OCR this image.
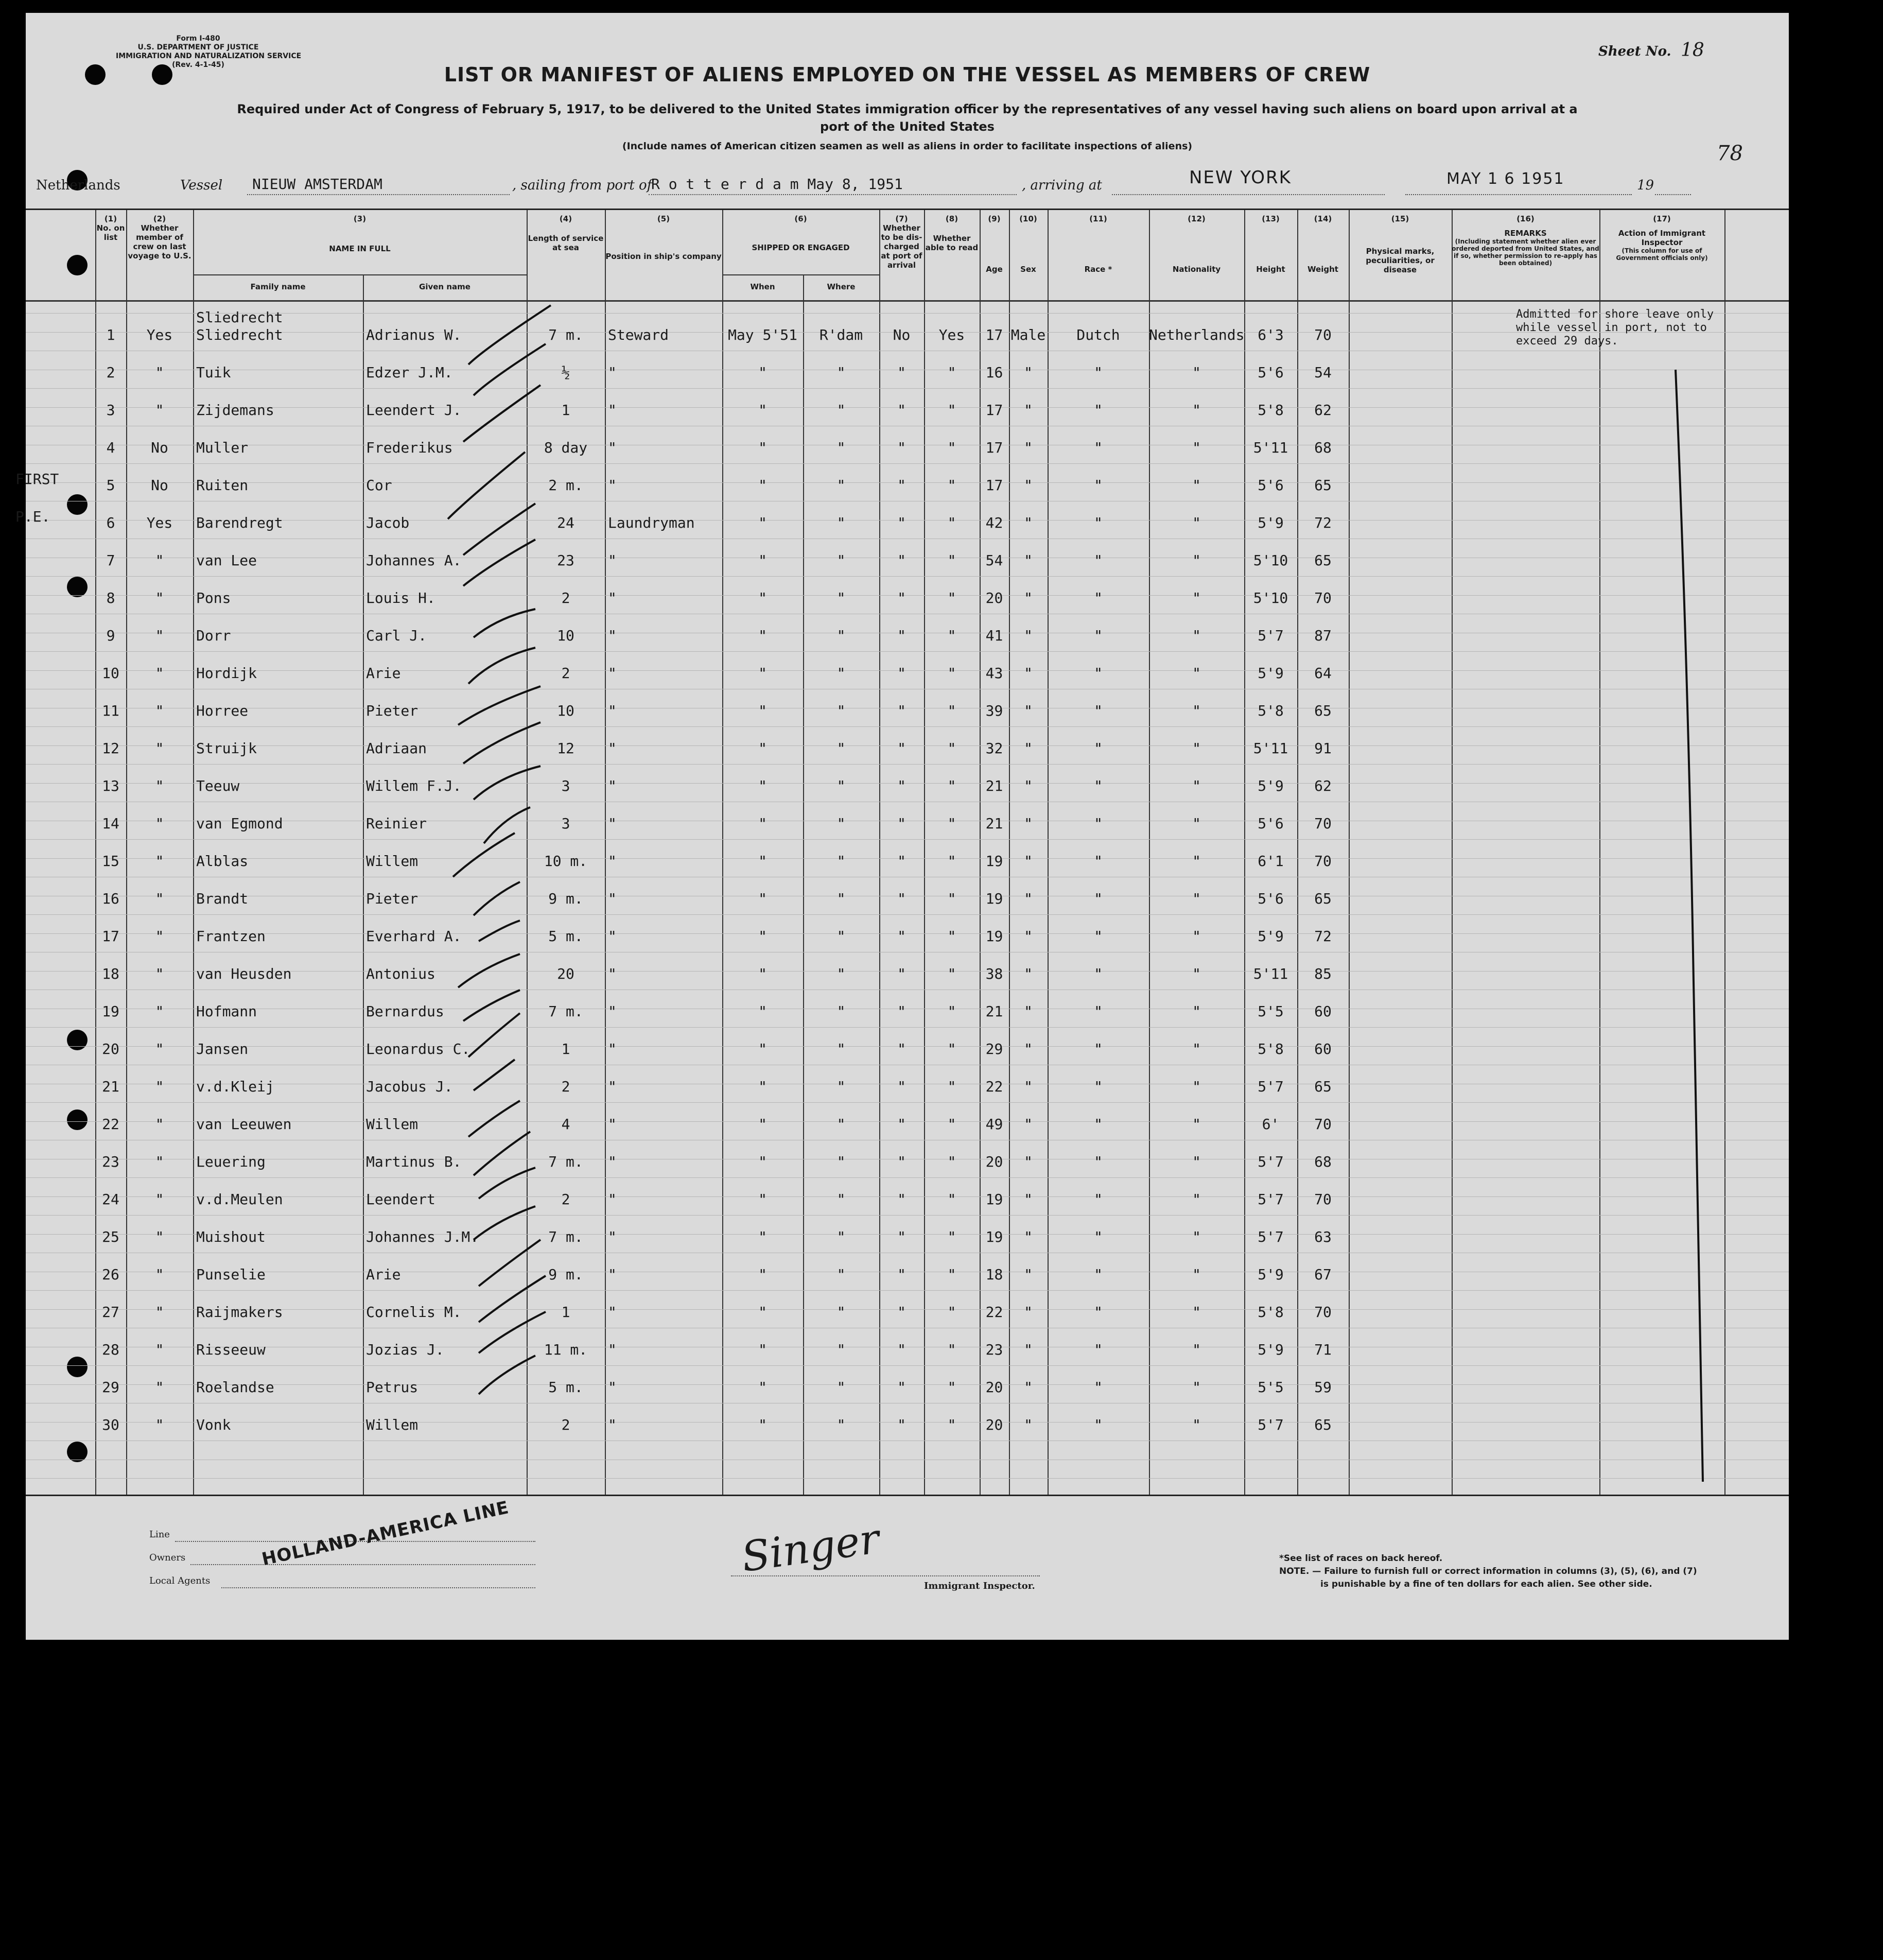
Form I-480
U.S. DEPARTMENT OF JUSTICE
IMMIGRATION AND NATURALIZATION SERVICE
(Rev. 4-1-45)
Sheet No. 18
78
LIST OR MANIFEST OF ALIENS EMPLOYED ON THE VESSEL AS MEMBERS OF CREW
Required under Act of Congress of February 5, 1917, to be delivered to the United States immigration officer by the representatives of any vessel having such aliens on board upon arrival at a
port of the United States
(Include names of American citizen seamen as well as aliens in order to facilitate inspections of aliens)
Netherlands	Vessel NIEUW AMSTERDAM	, sailing from port of
R o t t e r d a m May 8, 1951	, arriving at	NEW YORK	MAY 1 6 1951	19
(1)
No. on list
(2)
Whether member of crew on last voyage to U.S.
(3)
NAME IN FULL
Family name	Given name
(4)
Length of service at sea
(5)
Position in ship's company
(6)
SHIPPED OR ENGAGED
When	Where
(7)
Whether to be dis-charged at port of arrival
(8)
Whether able to read
(9)
Age
(10)
Sex
(11)
Race *
(12)
Nationality
(13)
Height
(14)
Weight
(15)
Physical marks, peculiarities, or disease
(16)
REMARKS
(Including statement whether alien ever ordered deported from United States, and if so, whether permission to re-apply has been obtained)
(17)
Action of Immigrant Inspector
(This column for use of Government officials only)
1	Yes	Sliedrecht	Adrianus W.	7 m.	Steward	May 5'51	R'dam	No	Yes	17 Male	Dutch	Netherlands 6'3	70
Sliedrecht
2	"	Tuik	Edzer J.M.	½	"	"	"	"	"	16	"	"	"	5'6	54
3	"	Zijdemans	Leendert J.	1	"	"	"	"	"	17	"	"	"	5'8	62
4	No	Muller	Frederikus	8 day	"	"	"	"	"	17	"	"	"	5'11	68
5	No	Ruiten	Cor	2 m.	"	"	"	"	"	17	"	"	"	5'6	65
6	Yes	Barendregt	Jacob	24	Laundryman	"	"	"	"	42	"	"	"	5'9	72
7	"	van Lee	Johannes A.	23	"	"	"	"	"	54	"	"	"	5'10	65
8	"	Pons	Louis H.	2	"	"	"	"	"	20	"	"	"	5'10	70
9	"	Dorr	Carl J.	10	"	"	"	"	"	41	"	"	"	5'7	87
10	"	Hordijk	Arie	2	"	"	"	"	"	43	"	"	"	5'9	64
11	"	Horree	Pieter	10	"	"	"	"	"	39	"	"	"	5'8	65
12	"	Struijk	Adriaan	12	"	"	"	"	"	32	"	"	"	5'11	91
13	"	Teeuw	Willem F.J.	3	"	"	"	"	"	21	"	"	"	5'9	62
14	"	van Egmond	Reinier	3	"	"	"	"	"	21	"	"	"	5'6	70
15	"	Alblas	Willem	10 m.	"	"	"	"	"	19	"	"	"	6'1	70
16	"	Brandt	Pieter	9 m.	"	"	"	"	"	19	"	"	"	5'6	65
17	"	Frantzen	Everhard A.	5 m.	"	"	"	"	"	19	"	"	"	5'9	72
18	"	van Heusden	Antonius	20	"	"	"	"	"	38	"	"	"	5'11	85
19	"	Hofmann	Bernardus	7 m.	"	"	"	"	"	21	"	"	"	5'5	60
20	"	Jansen	Leonardus C.	1	"	"	"	"	"	29	"	"	"	5'8	60
21	"	v.d.Kleij	Jacobus J.	2	"	"	"	"	"	22	"	"	"	5'7	65
22	"	van Leeuwen	Willem	4	"	"	"	"	"	49	"	"	"	6'	70
23	"	Leuering	Martinus B.	7 m.	"	"	"	"	"	20	"	"	"	5'7	68
24	"	v.d.Meulen	Leendert	2	"	"	"	"	"	19	"	"	"	5'7	70
25	"	Muishout	Johannes J.M.	7 m.	"	"	"	"	"	19	"	"	"	5'7	63
26	"	Punselie	Arie	9 m.	"	"	"	"	"	18	"	"	"	5'9	67
27	"	Raijmakers	Cornelis M.	1	"	"	"	"	"	22	"	"	"	5'8	70
28	"	Risseeuw	Jozias J.	11 m.	"	"	"	"	"	23	"	"	"	5'9	71
29	"	Roelandse	Petrus	5 m.	"	"	"	"	"	20	"	"	"	5'5	59
30	"	Vonk	Willem	2	"	"	"	"	"	20	"	"	"	5'7	65
FIRST
P.E.
Admitted for shore leave only
while vessel in port, not to
exceed 29 days.
Line
Owners
Local Agents
HOLLAND-AMERICA LINE	Singer
Immigrant Inspector.
*See list of races on back hereof.
NOTE. — Failure to furnish full or correct information in columns (3), (5), (6), and (7)
is punishable by a fine of ten dollars for each alien. See other side.
